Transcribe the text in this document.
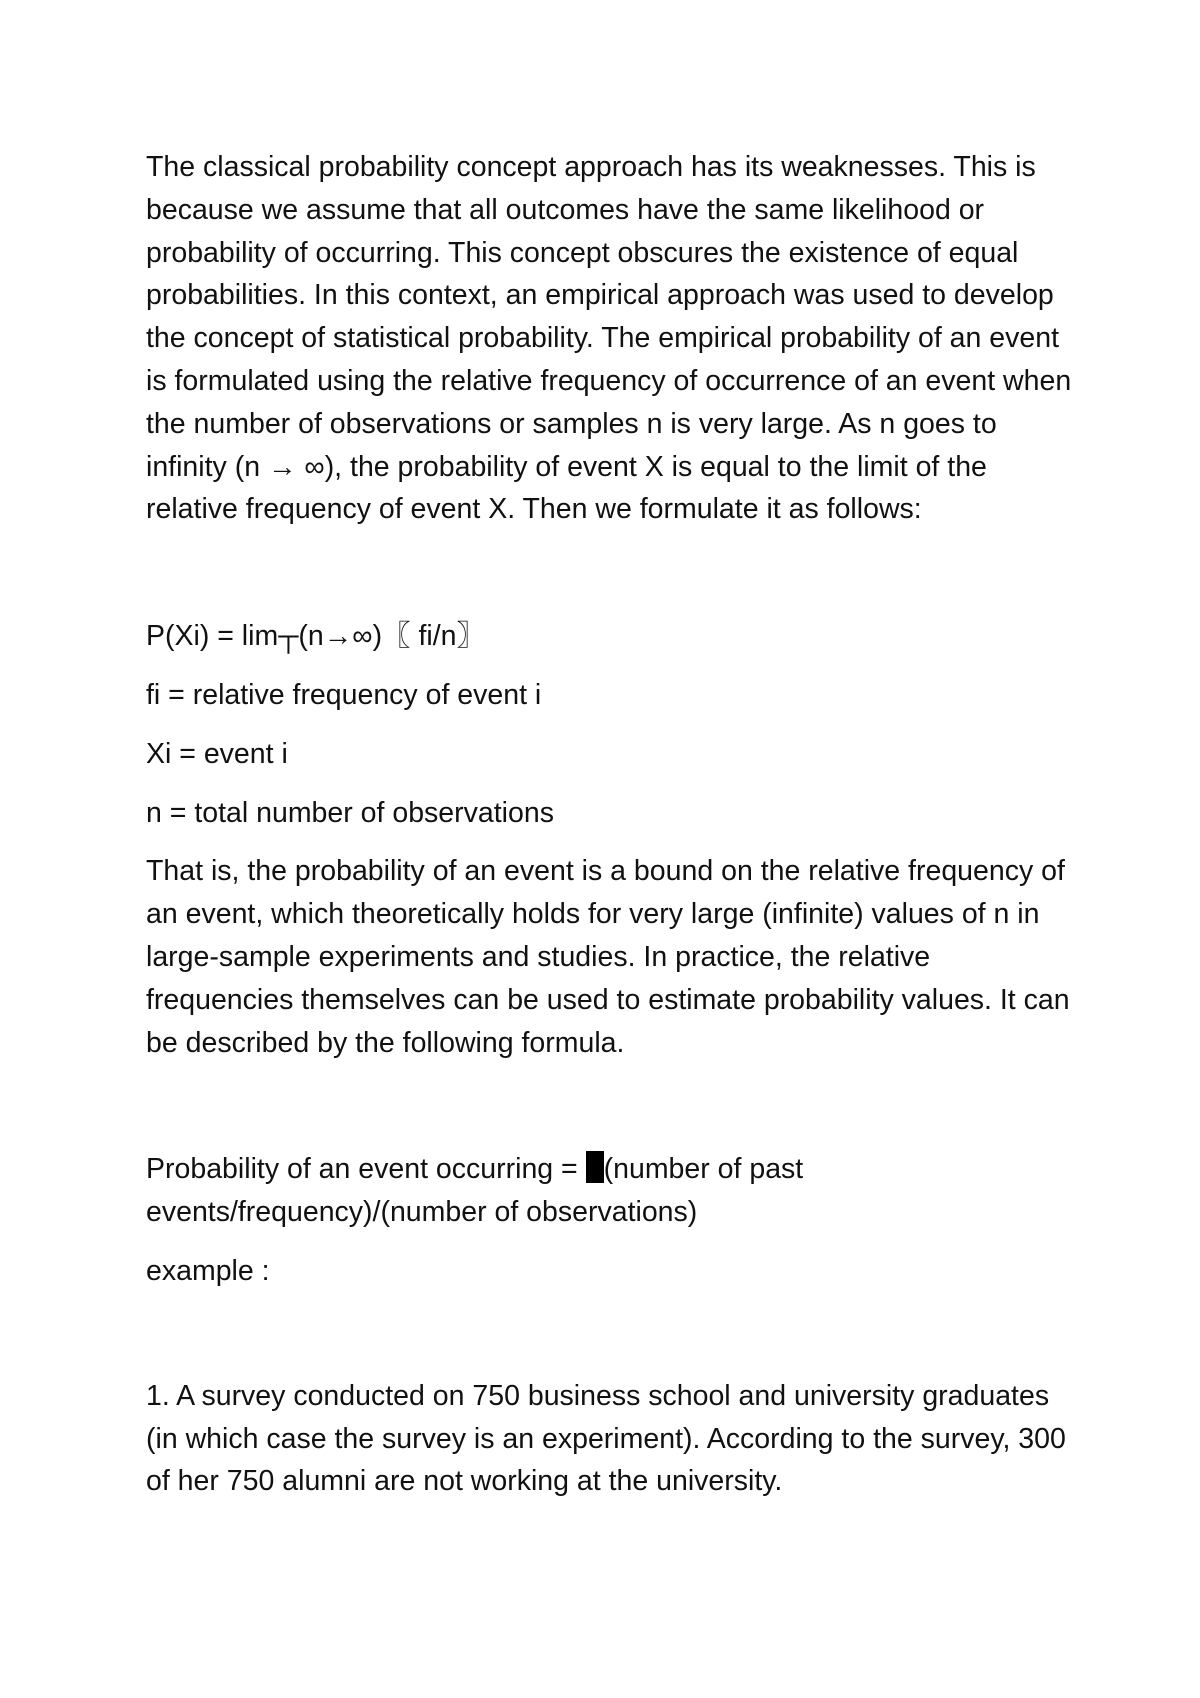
The classical probability concept approach has its weaknesses. This is because we assume that all outcomes have the same likelihood or probability of occurring. This concept obscures the existence of equal probabilities. In this context, an empirical approach was used to develop the concept of statistical probability. The empirical probability of an event is formulated using the relative frequency of occurrence of an event when the number of observations or samples n is very large. As n goes to infinity (n → ∞), the probability of event X is equal to the limit of the relative frequency of event X. Then we formulate it as follows:

P(Xi) = lim┬(n→∞)⁡〖 fi/n〗

fi = relative frequency of event i

Xi = event i

n = total number of observations

That is, the probability of an event is a bound on the relative frequency of an event, which theoretically holds for very large (infinite) values of n in large-sample experiments and studies. In practice, the relative frequencies themselves can be used to estimate probability values. It can be described by the following formula.

Probability of an event occurring = (number of past events/frequency)/(number of observations)

example :

1. A survey conducted on 750 business school and university graduates (in which case the survey is an experiment). According to the survey, 300 of her 750 alumni are not working at the university.
